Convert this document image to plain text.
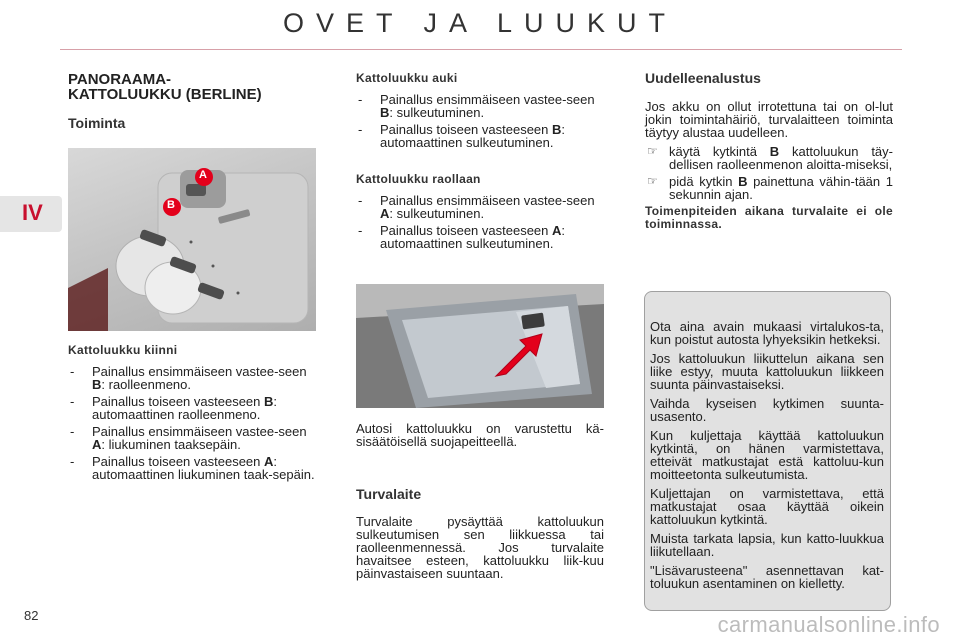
OVET JA LUUKUT
IV
PANORAAMA-
KATTOLUUKKU (BERLINE)
Toiminta
A
B
Kattoluukku kiinni
- Painallus ensimmäiseen vastee-seen B: raolleenmeno.
- Painallus toiseen vasteeseen B: automaattinen raolleenmeno.
- Painallus ensimmäiseen vastee-seen A: liukuminen taaksepäin.
- Painallus toiseen vasteeseen A: automaattinen liukuminen taak-sepäin.
Kattoluukku auki
- Painallus ensimmäiseen vastee-seen B: sulkeutuminen.
- Painallus toiseen vasteeseen B: automaattinen sulkeutuminen.
Kattoluukku raollaan
- Painallus ensimmäiseen vastee-seen A: sulkeutuminen.
- Painallus toiseen vasteeseen A: automaattinen sulkeutuminen.

Autosi kattoluukku on varustettu kä-sisäätöisellä suojapeitteellä.

Turvalaite

Turvalaite pysäyttää kattoluukun sulkeutumisen sen liikkuessa tai raolleenmennessä. Jos turvalaite havaitsee esteen, kattoluukku liik-kuu päinvastaiseen suuntaan.

Uudelleenalustus

Jos akku on ollut irrotettuna tai on ol-lut jokin toimintahäiriö, turvalaitteen toiminta täytyy alustaa uudelleen.

☞ käytä kytkintä B kattoluukun täy-dellisen raolleenmenon aloitta-miseksi,
☞ pidä kytkin B painettuna vähin-tään 1 sekunnin ajan.

Toimenpiteiden aikana turvalaite ei ole toiminnassa.

Ota aina avain mukaasi virtalukos-ta, kun poistut autosta lyhyeksikin hetkeksi.

Jos kattoluukun liikuttelun aikana sen liike estyy, muuta kattoluukun liikkeen suunta päinvastaiseksi.

Vaihda kyseisen kytkimen suunta-usasento.

Kun kuljettaja käyttää kattoluukun kytkintä, on hänen varmistettava, etteivät matkustajat estä kattoluu-kun moitteetonta sulkeutumista.

Kuljettajan on varmistettava, että matkustajat osaa käyttää oikein kattoluukun kytkintä.

Muista tarkata lapsia, kun katto-luukkua liikutellaan.

"Lisävarusteena" asennettavan kat-toluukun asentaminen on kielletty.

82	carmanualsonline.info
